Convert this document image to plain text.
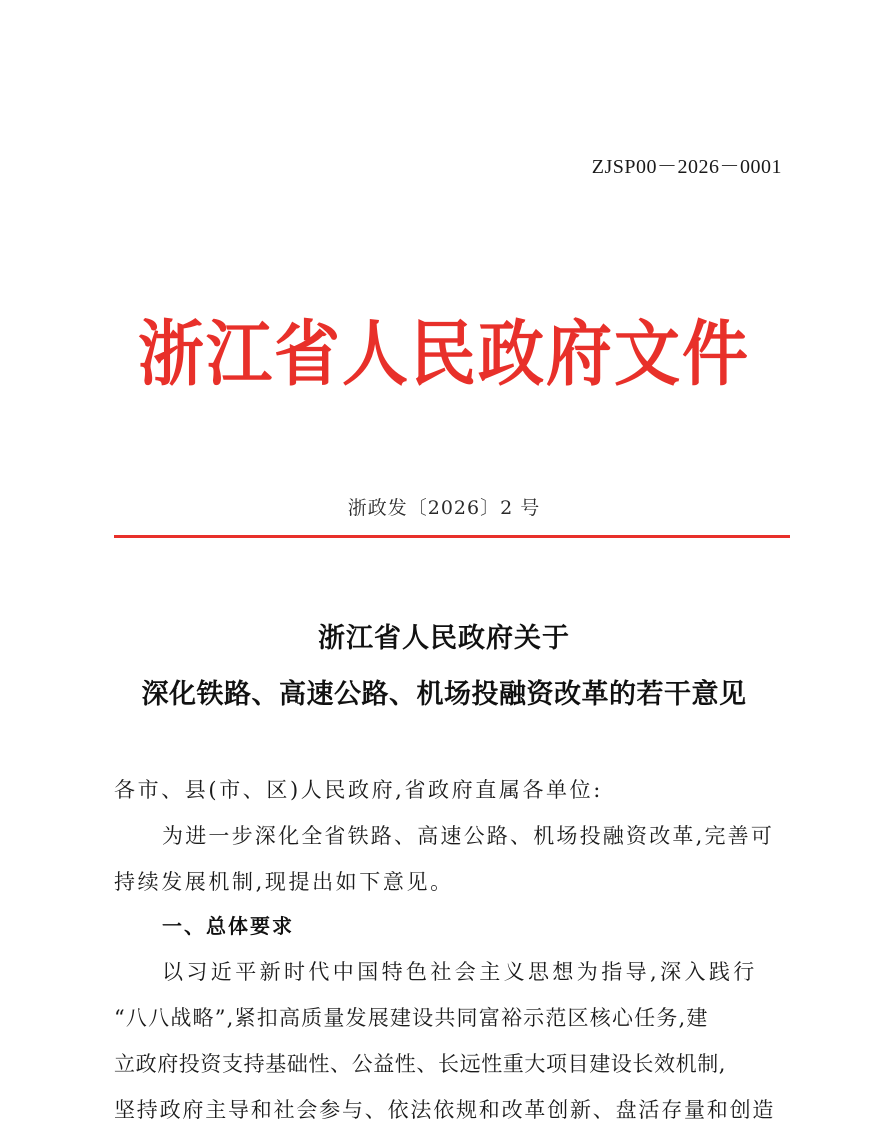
ZJSP00－2026－0001
浙江省人民政府文件
浙政发〔2026〕2 号
浙江省人民政府关于
深化铁路、高速公路、机场投融资改革的若干意见
各市、县(市、区)人民政府,省政府直属各单位:
为进一步深化全省铁路、高速公路、机场投融资改革,完善可
持续发展机制,现提出如下意见。
一、总体要求
以习近平新时代中国特色社会主义思想为指导,深入践行
“八八战略”,紧扣高质量发展建设共同富裕示范区核心任务,建
立政府投资支持基础性、公益性、长远性重大项目建设长效机制,
坚持政府主导和社会参与、依法依规和改革创新、盘活存量和创造
